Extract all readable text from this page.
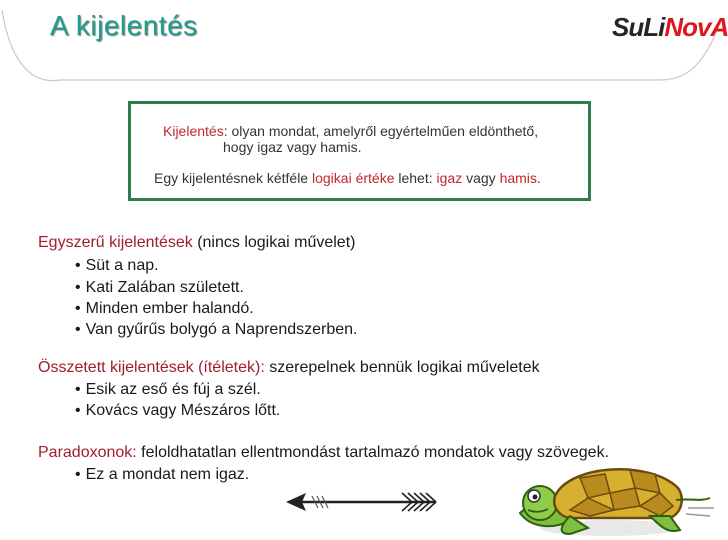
A kijelentés	SuLiNovA
Kijelentés: olyan mondat, amelyről egyértelműen eldönthető,
hogy igaz vagy hamis.
Egy kijelentésnek kétféle logikai értéke lehet: igaz vagy hamis.
Egyszerű kijelentések (nincs logikai művelet)
• Süt a nap.
• Kati Zalában született.
• Minden ember halandó.
• Van gyűrűs bolygó a Naprendszerben.
Összetett kijelentések (ítéletek): szerepelnek bennük logikai műveletek
• Esik az eső és fúj a szél.
• Kovács vagy Mészáros lőtt.
Paradoxonok: feloldhatatlan ellentmondást tartalmazó mondatok vagy szövegek.
• Ez a mondat nem igaz.
